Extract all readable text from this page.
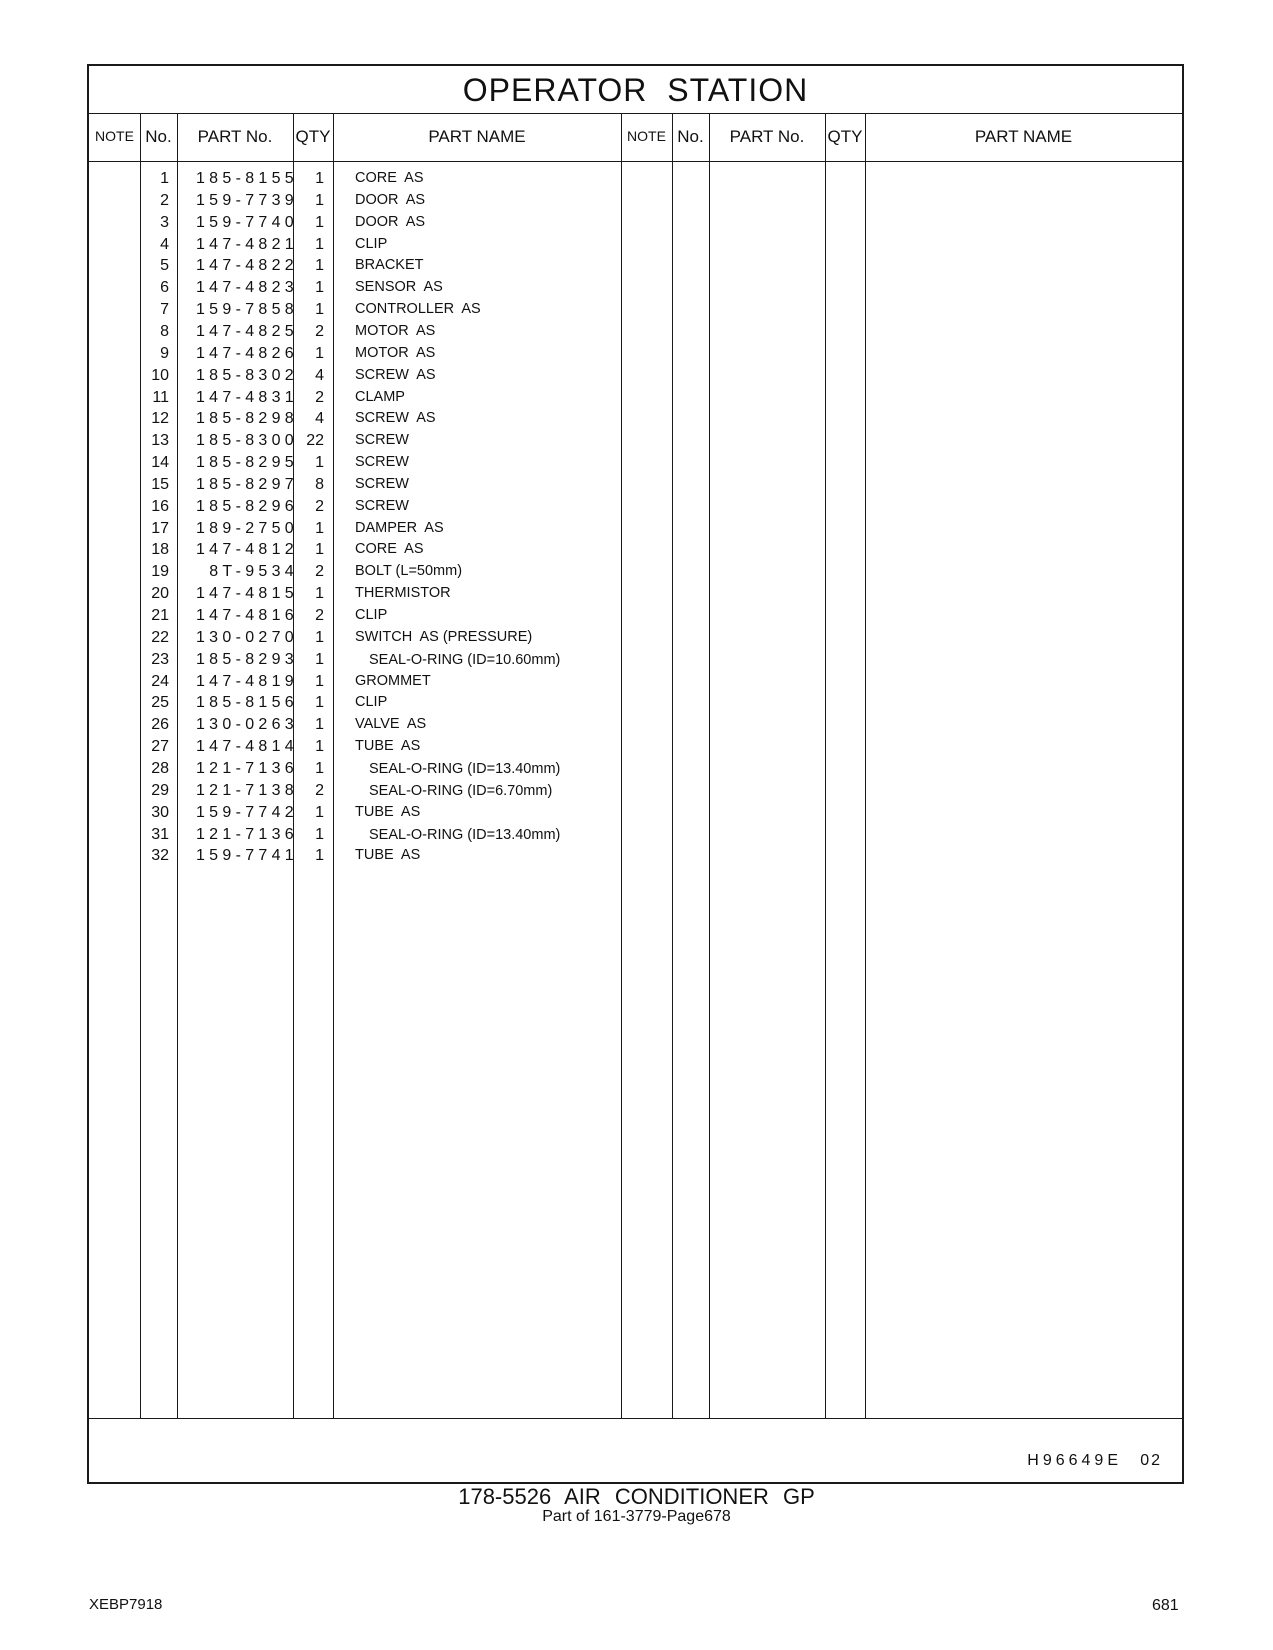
OPERATOR STATION
NOTE No.	PART No.	QTY	PART NAME	NOTE No.	PART No.	QTY	PART NAME
1	185-8155	1 CORE  AS
2	159-7739	1 DOOR  AS
3	159-7740	1 DOOR  AS
4	147-4821	1 CLIP
5	147-4822	1 BRACKET
6	147-4823	1 SENSOR  AS
7	159-7858	1 CONTROLLER  AS
8	147-4825	2 MOTOR  AS
9	147-4826	1 MOTOR  AS
10	185-8302	4 SCREW  AS
11	147-4831	2 CLAMP
12	185-8298	4 SCREW  AS
13	185-8300 22 SCREW
14	185-8295	1 SCREW
15	185-8297	8 SCREW
16	185-8296	2 SCREW
17	189-2750	1 DAMPER  AS
18	147-4812	1 CORE  AS
19	8T-9534	2 BOLT (L=50mm)
20	147-4815	1 THERMISTOR
21	147-4816	2 CLIP
22	130-0270	1 SWITCH  AS (PRESSURE)
23	185-8293	1	SEAL-O-RING (ID=10.60mm)
24	147-4819	1 GROMMET
25	185-8156	1 CLIP
26	130-0263	1 VALVE  AS
27	147-4814	1 TUBE  AS
28	121-7136	1	SEAL-O-RING (ID=13.40mm)
29	121-7138	2	SEAL-O-RING (ID=6.70mm)
30	159-7742	1 TUBE  AS
31	121-7136	1	SEAL-O-RING (ID=13.40mm)
32	159-7741	1 TUBE  AS
H96649E 02
178-5526 AIR CONDITIONER GP
Part of 161-3779-Page678
XEBP7918	681
